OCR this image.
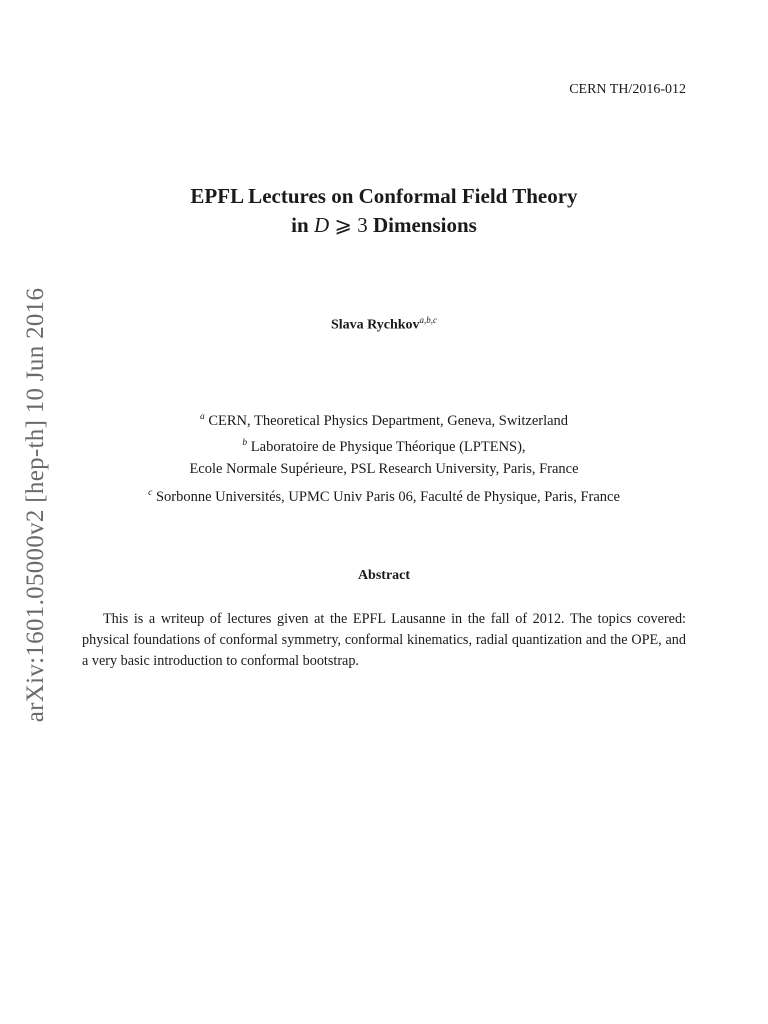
CERN TH/2016-012
arXiv:1601.05000v2 [hep-th] 10 Jun 2016
EPFL Lectures on Conformal Field Theory
in D ⩾ 3 Dimensions
Slava Rychkov$^{a,b,c}$
$^a$ CERN, Theoretical Physics Department, Geneva, Switzerland
$^b$ Laboratoire de Physique Théorique (LPTENS),
Ecole Normale Supérieure, PSL Research University, Paris, France
$^c$ Sorbonne Universités, UPMC Univ Paris 06, Faculté de Physique, Paris, France
Abstract
This is a writeup of lectures given at the EPFL Lausanne in the fall of 2012. The topics covered: physical foundations of conformal symmetry, conformal kinematics, radial quantization and the OPE, and a very basic introduction to conformal bootstrap.
